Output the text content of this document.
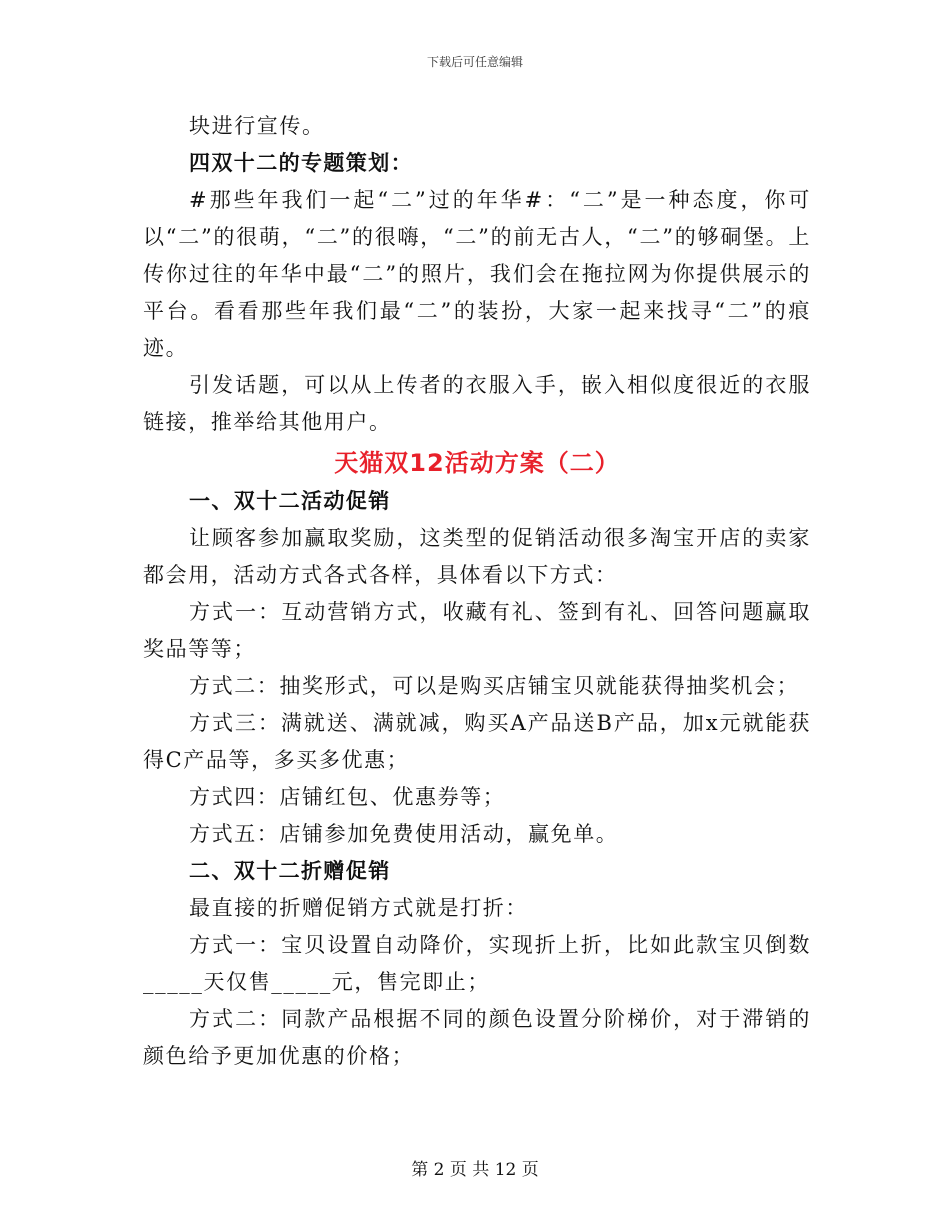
下载后可任意编辑

块进行宣传。

四双十二的专题策划：

#那些年我们一起“二”过的年华#：“二”是一种态度，你可以“二”的很萌，“二”的很嗨，“二”的前无古人，“二”的够硐堡。上传你过往的年华中最“二”的照片，我们会在拖拉网为你提供展示的平台。看看那些年我们最“二”的装扮，大家一起来找寻“二”的痕迹。

引发话题，可以从上传者的衣服入手，嵌入相似度很近的衣服链接，推举给其他用户。

天猫双12活动方案（二）

一、双十二活动促销

让顾客参加赢取奖励，这类型的促销活动很多淘宝开店的卖家都会用，活动方式各式各样，具体看以下方式：

方式一：互动营销方式，收藏有礼、签到有礼、回答问题赢取奖品等等；

方式二：抽奖形式，可以是购买店铺宝贝就能获得抽奖机会；

方式三：满就送、满就减，购买A产品送B产品，加x元就能获得C产品等，多买多优惠；

方式四：店铺红包、优惠券等；

方式五：店铺参加免费使用活动，赢免单。

二、双十二折赠促销

最直接的折赠促销方式就是打折：

方式一：宝贝设置自动降价，实现折上折，比如此款宝贝倒数_____天仅售_____元，售完即止；

方式二：同款产品根据不同的颜色设置分阶梯价，对于滞销的颜色给予更加优惠的价格；

第 2 页 共 12 页
